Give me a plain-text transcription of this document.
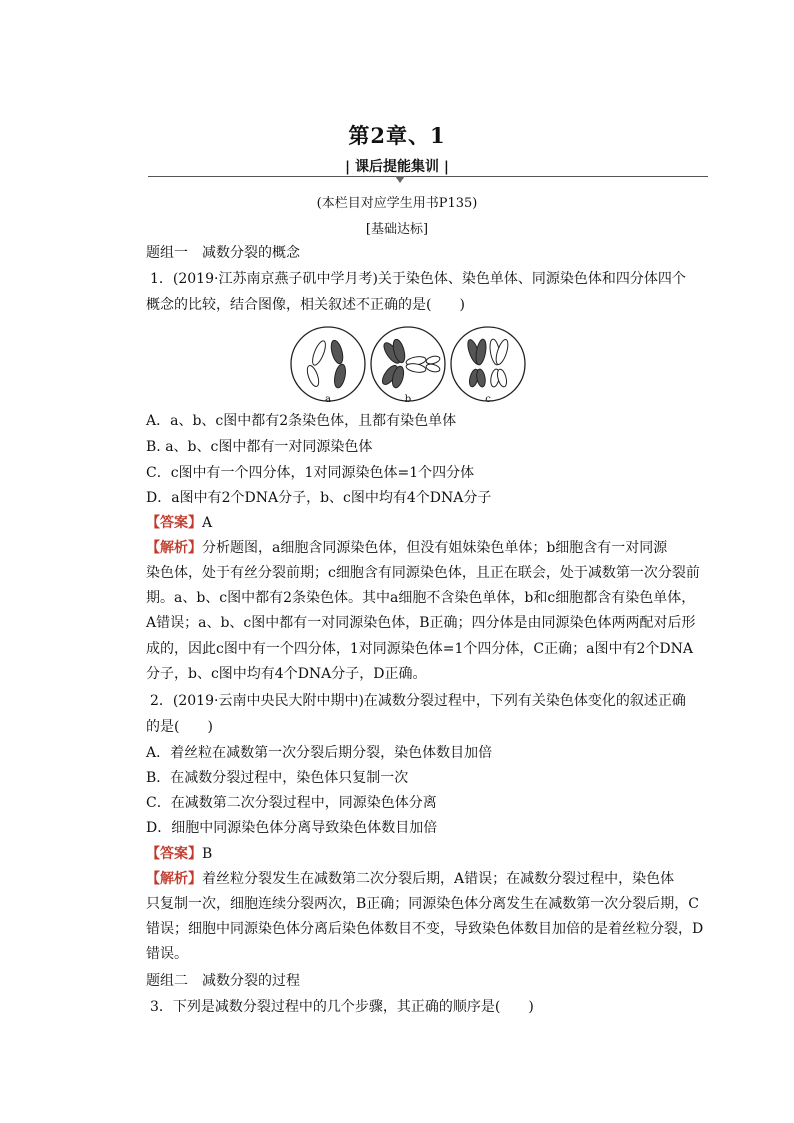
第2章、1
| 课后提能集训 |
(本栏目对应学生用书P135)
[基础达标]
题组一　减数分裂的概念
1．(2019·江苏南京燕子矶中学月考)关于染色体、染色单体、同源染色体和四分体四个
概念的比较，结合图像，相关叙述不正确的是(　　)
a	b	c
A．a、b、c图中都有2条染色体，且都有染色单体
B. a、b、c图中都有一对同源染色体
C．c图中有一个四分体，1对同源染色体=1个四分体
D．a图中有2个DNA分子，b、c图中均有4个DNA分子
【答案】A
【解析】分析题图，a细胞含同源染色体，但没有姐妹染色单体；b细胞含有一对同源
染色体，处于有丝分裂前期；c细胞含有同源染色体，且正在联会，处于减数第一次分裂前
期。a、b、c图中都有2条染色体。其中a细胞不含染色单体，b和c细胞都含有染色单体，
A错误；a、b、c图中都有一对同源染色体，B正确；四分体是由同源染色体两两配对后形
成的，因此c图中有一个四分体，1对同源染色体=1个四分体，C正确；a图中有2个DNA
分子，b、c图中均有4个DNA分子，D正确。
2．(2019·云南中央民大附中期中)在减数分裂过程中，下列有关染色体变化的叙述正确
的是(　　)
A．着丝粒在减数第一次分裂后期分裂，染色体数目加倍
B．在减数分裂过程中，染色体只复制一次
C．在减数第二次分裂过程中，同源染色体分离
D．细胞中同源染色体分离导致染色体数目加倍
【答案】B
【解析】着丝粒分裂发生在减数第二次分裂后期，A错误；在减数分裂过程中，染色体
只复制一次，细胞连续分裂两次，B正确；同源染色体分离发生在减数第一次分裂后期，C
错误；细胞中同源染色体分离后染色体数目不变，导致染色体数目加倍的是着丝粒分裂，D
错误。
题组二　减数分裂的过程
3．下列是减数分裂过程中的几个步骤，其正确的顺序是(　　)
